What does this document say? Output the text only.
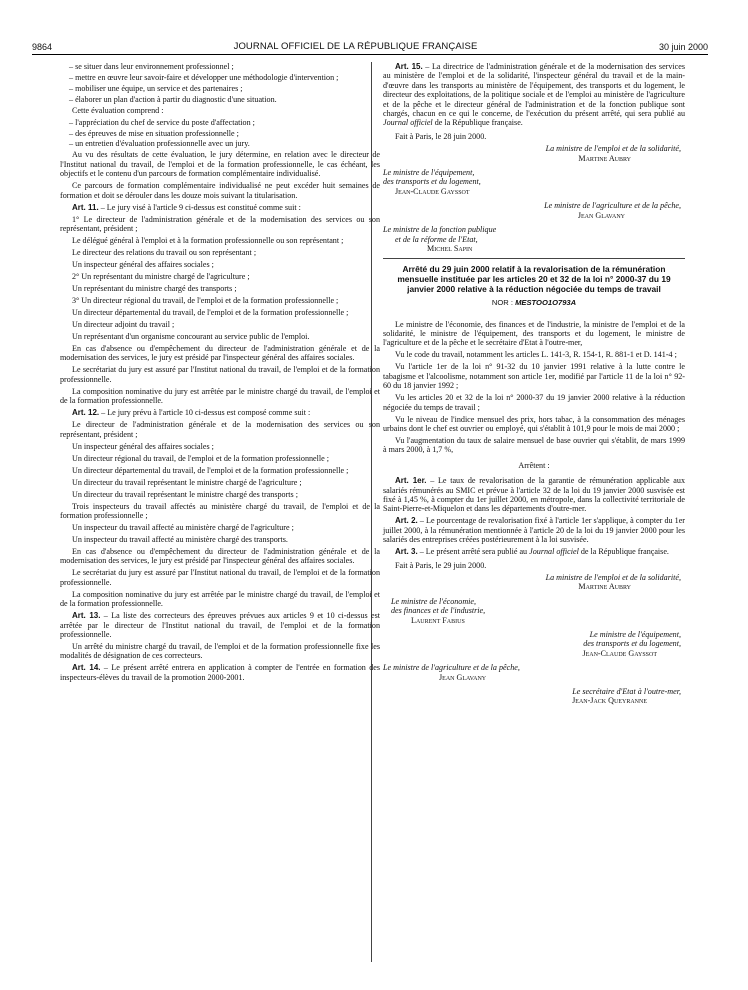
9864	JOURNAL OFFICIEL DE LA RÉPUBLIQUE FRANÇAISE	30 juin 2000

– se situer dans leur environnement professionnel ;

– mettre en œuvre leur savoir-faire et développer une méthodologie d'intervention ;

– mobiliser une équipe, un service et des partenaires ;

– élaborer un plan d'action à partir du diagnostic d'une situation.

Cette évaluation comprend :

– l'appréciation du chef de service du poste d'affectation ;

– des épreuves de mise en situation professionnelle ;

– un entretien d'évaluation professionnelle avec un jury.

Au vu des résultats de cette évaluation, le jury détermine, en relation avec le directeur de l'Institut national du travail, de l'emploi et de la formation professionnelle, le cas échéant, les objectifs et le contenu d'un parcours de formation complémentaire individualisé.

Ce parcours de formation complémentaire individualisé ne peut excéder huit semaines de formation et doit se dérouler dans les douze mois suivant la titularisation.

Art. 11. – Le jury visé à l'article 9 ci-dessus est constitué comme suit :

1° Le directeur de l'administration générale et de la modernisation des services ou son représentant, président ;

Le délégué général à l'emploi et à la formation professionnelle ou son représentant ;

Le directeur des relations du travail ou son représentant ;

Un inspecteur général des affaires sociales ;

2° Un représentant du ministre chargé de l'agriculture ;

Un représentant du ministre chargé des transports ;

3° Un directeur régional du travail, de l'emploi et de la formation professionnelle ;

Un directeur départemental du travail, de l'emploi et de la formation professionnelle ;

Un directeur adjoint du travail ;

Un représentant d'un organisme concourant au service public de l'emploi.

En cas d'absence ou d'empêchement du directeur de l'administration générale et de la modernisation des services, le jury est présidé par l'inspecteur général des affaires sociales.

Le secrétariat du jury est assuré par l'Institut national du travail, de l'emploi et de la formation professionnelle.

La composition nominative du jury est arrêtée par le ministre chargé du travail, de l'emploi et de la formation professionnelle.

Art. 12. – Le jury prévu à l'article 10 ci-dessus est composé comme suit :

Le directeur de l'administration générale et de la modernisation des services ou son représentant, président ;

Un inspecteur général des affaires sociales ;

Un directeur régional du travail, de l'emploi et de la formation professionnelle ;

Un directeur départemental du travail, de l'emploi et de la formation professionnelle ;

Un directeur du travail représentant le ministre chargé de l'agriculture ;

Un directeur du travail représentant le ministre chargé des transports ;

Trois inspecteurs du travail affectés au ministère chargé du travail, de l'emploi et de la formation professionnelle ;

Un inspecteur du travail affecté au ministère chargé de l'agriculture ;

Un inspecteur du travail affecté au ministère chargé des transports.

En cas d'absence ou d'empêchement du directeur de l'administration générale et de la modernisation des services, le jury est présidé par l'inspecteur général des affaires sociales.

Le secrétariat du jury est assuré par l'Institut national du travail, de l'emploi et de la formation professionnelle.

La composition nominative du jury est arrêtée par le ministre chargé du travail, de l'emploi et de la formation professionnelle.

Art. 13. – La liste des correcteurs des épreuves prévues aux articles 9 et 10 ci-dessus est arrêtée par le directeur de l'Institut national du travail, de l'emploi et de la formation professionnelle.

Un arrêté du ministre chargé du travail, de l'emploi et de la formation professionnelle fixe les modalités de désignation de ces correcteurs.

Art. 14. – Le présent arrêté entrera en application à compter de l'entrée en formation des inspecteurs-élèves du travail de la promotion 2000-2001.

Art. 15. – La directrice de l'administration générale et de la modernisation des services au ministère de l'emploi et de la solidarité, l'inspecteur général du travail et de la main-d'œuvre dans les transports au ministère de l'équipement, des transports et du logement, le directeur des exploitations, de la politique sociale et de l'emploi au ministère de l'agriculture et de la pêche et le directeur général de l'administration et de la fonction publique sont chargés, chacun en ce qui le concerne, de l'exécution du présent arrêté, qui sera publié au Journal officiel de la République française.

Fait à Paris, le 28 juin 2000.

La ministre de l'emploi et de la solidarité,
Martine Aubry
Le ministre de l'équipement,
des transports et du logement,
Jean-Claude Gayssot
Le ministre de l'agriculture et de la pêche,
Jean Glavany
Le ministre de la fonction publique
et de la réforme de l'Etat,
Michel Sapin

Arrêté du 29 juin 2000 relatif à la revalorisation de la rémunération mensuelle instituée par les articles 20 et 32 de la loi n° 2000-37 du 19 janvier 2000 relative à la réduction négociée du temps de travail

NOR : MESTOO1O793A

Le ministre de l'économie, des finances et de l'industrie, la ministre de l'emploi et de la solidarité, le ministre de l'équipement, des transports et du logement, le ministre de l'agriculture et de la pêche et le secrétaire d'Etat à l'outre-mer,

Vu le code du travail, notamment les articles L. 141-3, R. 154-1, R. 881-1 et D. 141-4 ;

Vu l'article 1er de la loi n° 91-32 du 10 janvier 1991 relative à la lutte contre le tabagisme et l'alcoolisme, notamment son article 1er, modifié par l'article 11 de la loi n° 92-60 du 18 janvier 1992 ;

Vu les articles 20 et 32 de la loi n° 2000-37 du 19 janvier 2000 relative à la réduction négociée du temps de travail ;

Vu le niveau de l'indice mensuel des prix, hors tabac, à la consommation des ménages urbains dont le chef est ouvrier ou employé, qui s'établit à 101,9 pour le mois de mai 2000 ;

Vu l'augmentation du taux de salaire mensuel de base ouvrier qui s'établit, de mars 1999 à mars 2000, à 1,7 %,

Arrêtent :

Art. 1er. – Le taux de revalorisation de la garantie de rémunération applicable aux salariés rémunérés au SMIC et prévue à l'article 32 de la loi du 19 janvier 2000 susvisée est fixé à 1,45 %, à compter du 1er juillet 2000, en métropole, dans la collectivité territoriale de Saint-Pierre-et-Miquelon et dans les départements d'outre-mer.

Art. 2. – Le pourcentage de revalorisation fixé à l'article 1er s'applique, à compter du 1er juillet 2000, à la rémunération mentionnée à l'article 20 de la loi du 19 janvier 2000 pour les salariés des entreprises créées postérieurement à la loi susvisée.

Art. 3. – Le présent arrêté sera publié au Journal officiel de la République française.

Fait à Paris, le 29 juin 2000.

La ministre de l'emploi et de la solidarité,
Martine Aubry
Le ministre de l'économie,
des finances et de l'industrie,
Laurent Fabius
Le ministre de l'équipement,
des transports et du logement,
Jean-Claude Gayssot
Le ministre de l'agriculture et de la pêche,
Jean Glavany
Le secrétaire d'Etat à l'outre-mer,
Jean-Jack Queyranne
